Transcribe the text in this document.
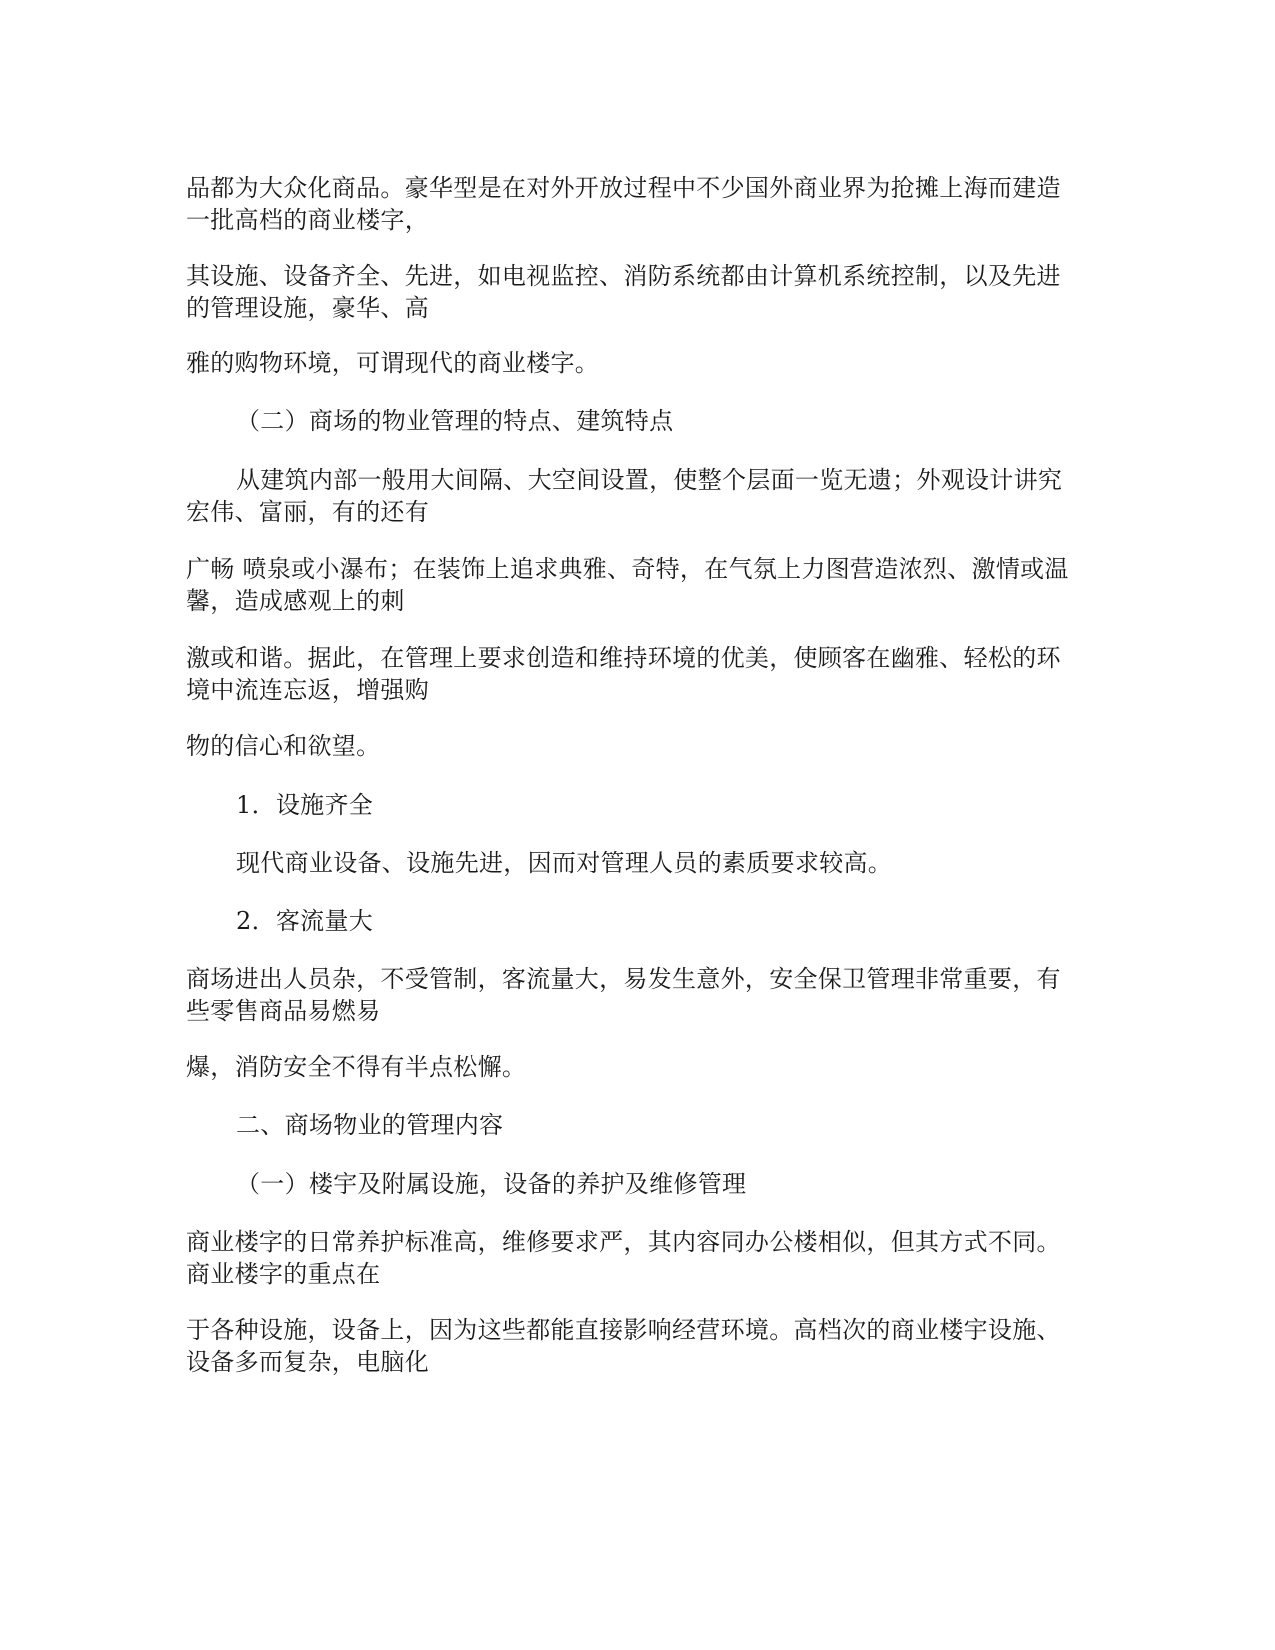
品都为大众化商品。豪华型是在对外开放过程中不少国外商业界为抢摊上海而建造
一批高档的商业楼字，

其设施、设备齐全、先进，如电视监控、消防系统都由计算机系统控制，以及先进
的管理设施，豪华、高

雅的购物环境，可谓现代的商业楼字。

（二）商场的物业管理的特点、建筑特点

从建筑内部一般用大间隔、大空间设置，使整个层面一览无遗；外观设计讲究
宏伟、富丽，有的还有

广畅 喷泉或小瀑布；在装饰上追求典雅、奇特，在气氛上力图营造浓烈、激情或温
馨，造成感观上的刺

激或和谐。据此，在管理上要求创造和维持环境的优美，使顾客在幽雅、轻松的环
境中流连忘返，增强购

物的信心和欲望。

1．设施齐全

现代商业设备、设施先进，因而对管理人员的素质要求较高。

2．客流量大

商场进出人员杂，不受管制，客流量大，易发生意外，安全保卫管理非常重要，有
些零售商品易燃易

爆，消防安全不得有半点松懈。

二、商场物业的管理内容

（一）楼宇及附属设施，设备的养护及维修管理

商业楼字的日常养护标准高，维修要求严，其内容同办公楼相似，但其方式不同。
商业楼字的重点在

于各种设施，设备上，因为这些都能直接影响经营环境。高档次的商业楼宇设施、
设备多而复杂，电脑化
